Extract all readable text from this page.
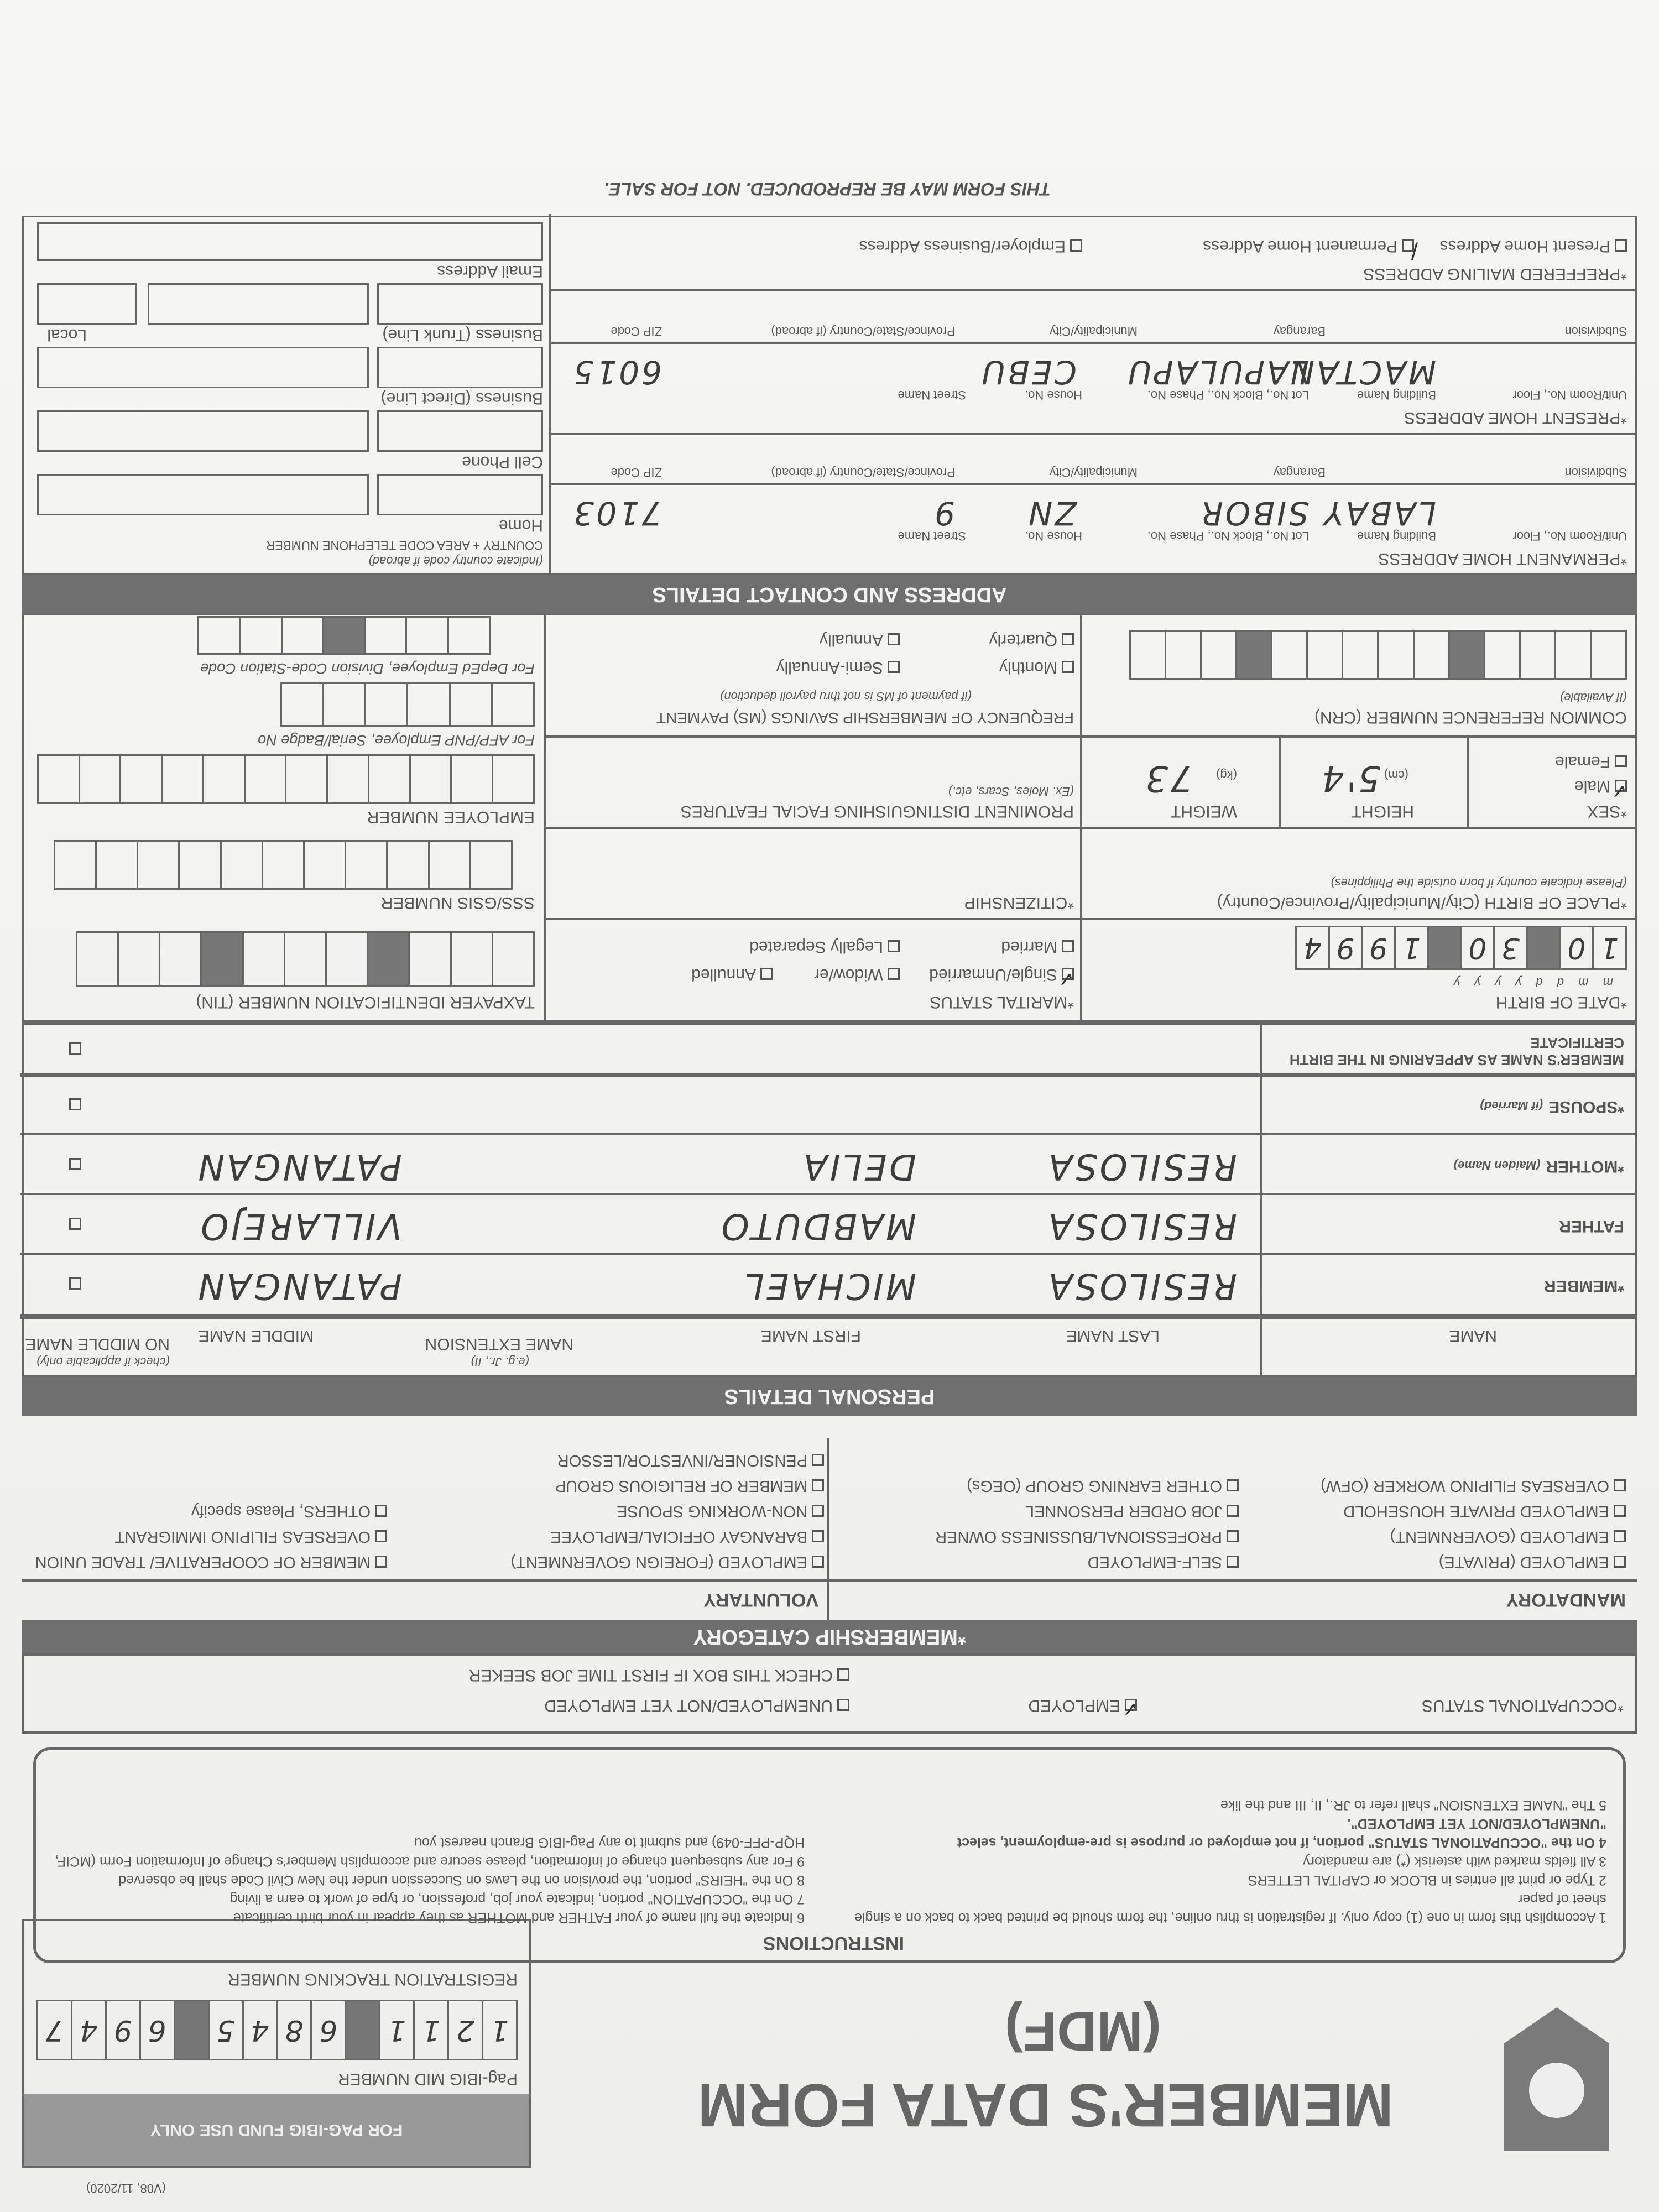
(V08, 11/2020)
MEMBER'S DATA FORM
(MDF)
FOR PAG-IBIG FUND USE ONLY
Pag-IBIG MID NUMBER
1
2
1
1
6
8
4
5
6
9
4
7
REGISTRATION TRACKING NUMBER
INSTRUCTIONS
1 Accomplish this form in one (1) copy only. If registration is thru online, the form should be printed back to back on a single sheet of paper
2 Type or print all entries in BLOCK or CAPITAL LETTERS
3 All fields marked with asterisk (*) are mandatory
4 On the "OCCUPATIONAL STATUS" portion, if not employed or purpose is pre-employment, select "UNEMPLOYED/NOT YET EMPLOYED".
5 The "NAME EXTENSION" shall refer to JR., II, III and the like
6 Indicate the full name of your FATHER and MOTHER as they appear in your birth certificate
7 On the "OCCUPATION" portion, indicate your job, profession, or type of work to earn a living
8 On the "HEIRS" portion, the provision on the Laws on Succession under the New Civil Code shall be observed
9 For any subsequent change of information, please secure and accomplish Member's Change of Information Form (MCIF, HQP-PFF-049) and submit to any Pag-IBIG Branch nearest you
*OCCUPATIONAL STATUS
✓
EMPLOYED
UNEMPLOYED/NOT YET EMPLOYED
CHECK THIS BOX IF FIRST TIME JOB SEEKER
*MEMBERSHIP CATEGORY
MANDATORY
VOLUNTARY
EMPLOYED (PRIVATE)
EMPLOYED (GOVERNMENT)
EMPLOYED PRIVATE HOUSEHOLD
OVERSEAS FILIPINO WORKER (OFW)
SELF-EMPLOYED
PROFESSIONAL/BUSSINESS OWNER
JOB ORDER PERSONNEL
OTHER EARNING GROUP (OEGs)
EMPLOYED (FOREIGN GOVERNMENT)
BARANGAY OFFICIAL/EMPLOYEE
NON-WORKING SPOUSE
MEMBER OF RELIGIOUS GROUP
PENSIONER/INVESTOR/LESSOR
MEMBER OF COOPERATIVE/ TRADE UNION
OVERSEAS FILIPINO IMMIGRANT
OTHERS, Please specify
PERSONAL DETAILS
NAME
LAST NAME
FIRST NAME
NAME EXTENSION
(e.g. Jr., II)
MIDDLE NAME
NO MIDDLE NAME
(check if applicable only)
*MEMBER
RESILOSA
MICHAEL
PATANGAN
FATHER
RESILOSA
MABDUTO
VILLAREJO
*MOTHER(Maiden Name)
RESILOSA
DELIA
PATANGAN
*SPOUSE(if Married)
MEMBER'S NAME AS APPEARING IN THE BIRTH CERTIFICATE
*DATE OF BIRTH
m m d d y y y y
1
0
3
0
1
9
9
4
*MARITAL STATUS
✓
Single/Unmarried
Widow/er
Annulled
Married
Legally Separated
TAXPAYER IDENTIFICATION NUMBER (TIN)
*PLACE OF BIRTH (City/Municipality/Province/Country)
(Please indicate country if born outside the Philippines)
*CITIZENSHIP
SSS/GSIS NUMBER
*SEX
✓
Male
Female
HEIGHT
5'4 (cm)
WEIGHT
73 (kg)
PROMINENT DISTINGUISHING FACIAL FEATURES
(Ex. Moles, Scars, etc.)
EMPLOYEE NUMBER
For AFP/PNP Employee, Serial/Badge No
COMMON REFERENCE NUMBER (CRN)
(If Available)
FREQUENCY OF MEMBERSHIP SAVINGS (MS) PAYMENT
(if payment of MS is not thru payroll deduction)
Monthly
Semi-Annually
Quarterly
Annually
For DepEd Employee, Division Code-Station Code
ADDRESS AND CONTACT DETAILS
*PERMANENT HOME ADDRESS
Unit/Room No., Floor
Building Name
Lot No., Block No., Phase No.
House No.
Street Name
Subdivision
Barangay
Municipality/City
Province/State/Country (if abroad)
ZIP Code
LABAY
SIBOR
ZN
9
7103
*PRESENT HOME ADDRESS
Unit/Room No., Floor
Building Name
Lot No., Block No., Phase No.
House No.
Street Name
Subdivision
Barangay
Municipality/City
Province/State/Country (if abroad)
ZIP Code
MACTAN
LAPULAPU
CEBU
6015
*PREFFERED MAILING ADDRESS
Present Home Address
/
Permanent Home Address
Employer/Business Address
(Indicate country code if abroad)
COUNTRY + AREA CODE TELEPHONE NUMBER
Home
Cell Phone
Business (Direct Line)
Business (Trunk Line)
Local
Email Address
THIS FORM MAY BE REPRODUCED. NOT FOR SALE.
